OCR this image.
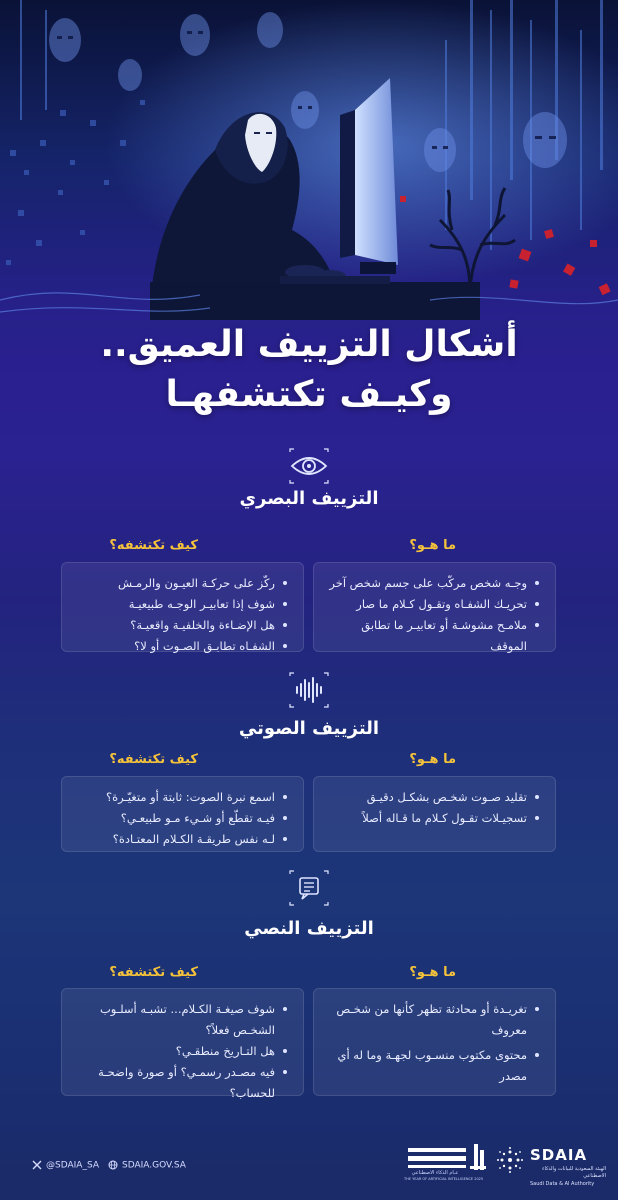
أشكال التزييف العميق..
وكيـف تكتشفهـا
التزييف البصري
ما هـو؟
كيف تكتشفه؟
وجـه شخص مركّب على جسم شخص آخر
تحريـك الشفـاه وتقـول كـلام ما صار
ملامـح مشوشـة أو تعابيـر ما تطابق الموقف
ركّز على حركـة العيـون والرمـش
شوف إذا تعابيـر الوجـه طبيعيـة
هل الإضـاءة والخلفيـة واقعيـة؟
الشفـاه تطابـق الصـوت أو لا؟
التزييف الصوتي
ما هـو؟
كيف تكتشفه؟
تقليد صـوت شخـص بشكـل دقيـق
تسجيـلات تقـول كـلام ما قـاله أصلاً
اسمع نبرة الصوت: ثابتة أو متغيّـرة؟
فيـه تقطّع أو شـيء مـو طبيعـي؟
لـه نفس طريقـة الكـلام المعتـادة؟
التزييف النصي
ما هـو؟
كيف تكتشفه؟
تغريـدة أو محادثة تظهر كأنها من شخـص معروف
محتوى مكتوب منسـوب لجهـة وما له أي مصدر
شوف صيغـة الكـلام... تشبـه أسلـوب الشخـص فعلاً؟
هل التـاريخ منطقـي؟
فيه مصـدر رسمـي؟ أو صورة واضحـة للحساب؟
@SDAIA_SA	SDAIA.GOV.SA
عـام الذكاء الاصطناعي
THE YEAR OF ARTIFICIAL INTELLIGENCE 2025
SDAIA
الهيئة السعودية للبيانات والذكاء الاصطناعي
Saudi Data & AI Authority
